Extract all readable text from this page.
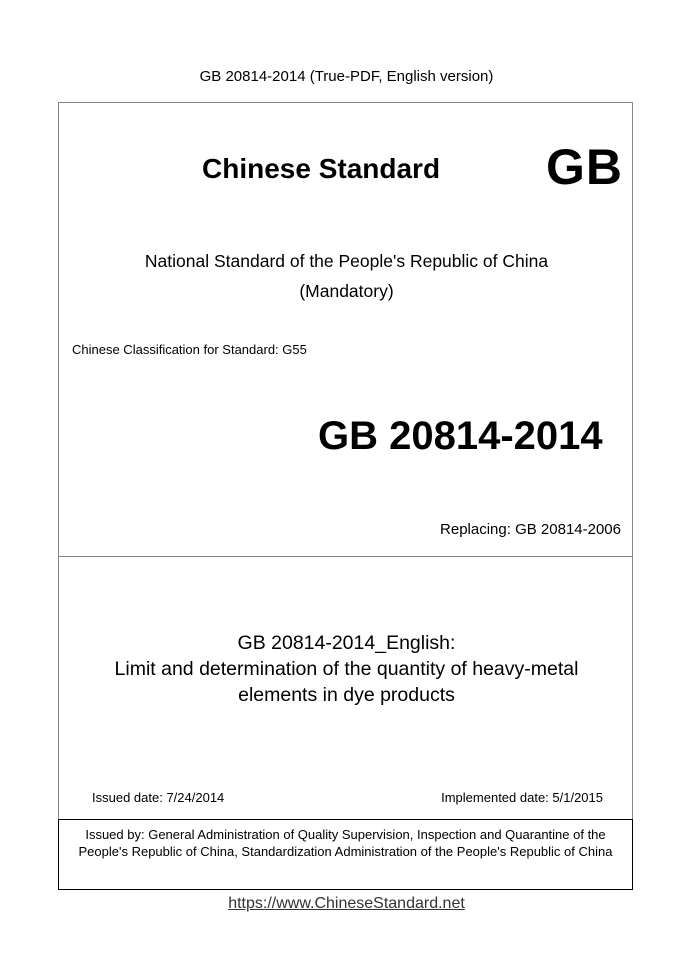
GB 20814-2014 (True-PDF, English version)
Chinese Standard GB
National Standard of the People's Republic of China
(Mandatory)
Chinese Classification for Standard: G55
GB 20814-2014
Replacing: GB 20814-2006
GB 20814-2014_English:
Limit and determination of the quantity of heavy-metal
elements in dye products
Issued date: 7/24/2014	Implemented date: 5/1/2015
Issued by: General Administration of Quality Supervision, Inspection and Quarantine of the People's Republic of China, Standardization Administration of the People's Republic of China
https://www.ChineseStandard.net
